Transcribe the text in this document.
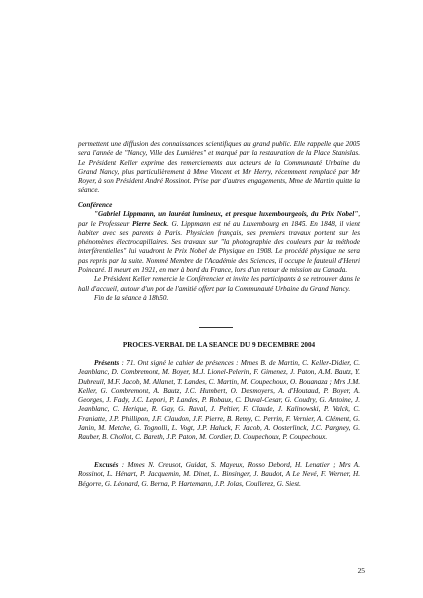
permettent une diffusion des connaissances scientifiques au grand public. Elle rappelle que 2005 sera l'année de "Nancy, Ville des Lumières" et marqué par la restauration de la Place Stanislas. Le Président Keller exprime des remerciements aux acteurs de la Communauté Urbaine du Grand Nancy, plus particulièrement à Mme Vincent et Mr Herry, récemment remplacé par Mr Royer, à son Président André Rossinot. Prise par d'autres engagements, Mme de Martin quitte la séance.

Conférence

"Gabriel Lippmann, un lauréat lumineux, et presque luxembourgeois, du Prix Nobel", par le Professeur Pierre Seck. G. Lippmann est né au Luxembourg en 1845. En 1848, il vient habiter avec ses parents à Paris. Physicien français, ses premiers travaux portent sur les phénomènes électrocapillaires. Ses travaux sur "la photographie des couleurs par la méthode interférentielles" lui vaudront le Prix Nobel de Physique en 1908. Le procédé physique ne sera pas repris par la suite. Nommé Membre de l'Académie des Sciences, il occupe le fauteuil d'Henri Poincaré. Il meurt en 1921, en mer à bord du France, lors d'un retour de mission au Canada.

Le Président Keller remercie le Conférencier et invite les participants à se retrouver dans le hall d'accueil, autour d'un pot de l'amitié offert par la Communauté Urbaine du Grand Nancy.

Fin de la séance à 18h50.

PROCES-VERBAL DE LA SEANCE DU 9 DECEMBRE 2004

Présents : 71. Ont signé le cahier de présences : Mmes B. de Martin, C. Keller-Didier, C. Jeanblanc, D. Combremont, M. Boyer, M.J. Lionel-Pelerin, F. Gimenez, J. Paton, A.M. Bautz, Y. Dubreuil, M.F. Jacob, M. Allanet, T. Landes, C. Martin, M. Coupechoux, O. Bouanaza ; Mrs J.M. Keller, G. Combremont, A. Bautz, J.C. Humbert, O. Desmoyers, A. d'Houtaud, P. Boyer, A. Georges, J. Fady, J.C. Lepori, P. Landes, P. Robaux, C. Duval-Cesar, G. Coudry, G. Antoine, J. Jeanblanc, C. Herique, R. Gay, G. Raval, J. Peltier, F. Claude, J. Kalinowski, P. Valck, C. Franiatte, J.P. Phillipon, J.F. Claudon, J.F. Pierre, B. Remy, C. Perrin, F. Vernier, A. Clément, G. Janin, M. Metche, G. Tognolli, L. Vogt, J.P. Haluck, F. Jacob, A. Oosterlinck, J.C. Pargney, G. Rauber, B. Chollot, C. Bareth, J.P. Paton, M. Cordier, D. Coupechoux, P. Coupechoux.

Excusés : Mmes N. Creusot, Guidat, S. Mayeux, Rosso Debord, H. Lenatier ; Mrs A. Rossinot, L. Hénart, P. Jacquemin, M. Dinet, L. Binsinger, J. Baudot, A Le Nevé, F. Werner, H. Bégorre, G. Léonard, G. Berna, P. Hartemann, J.P. Jolas, Coullerez, G. Siest.

25
